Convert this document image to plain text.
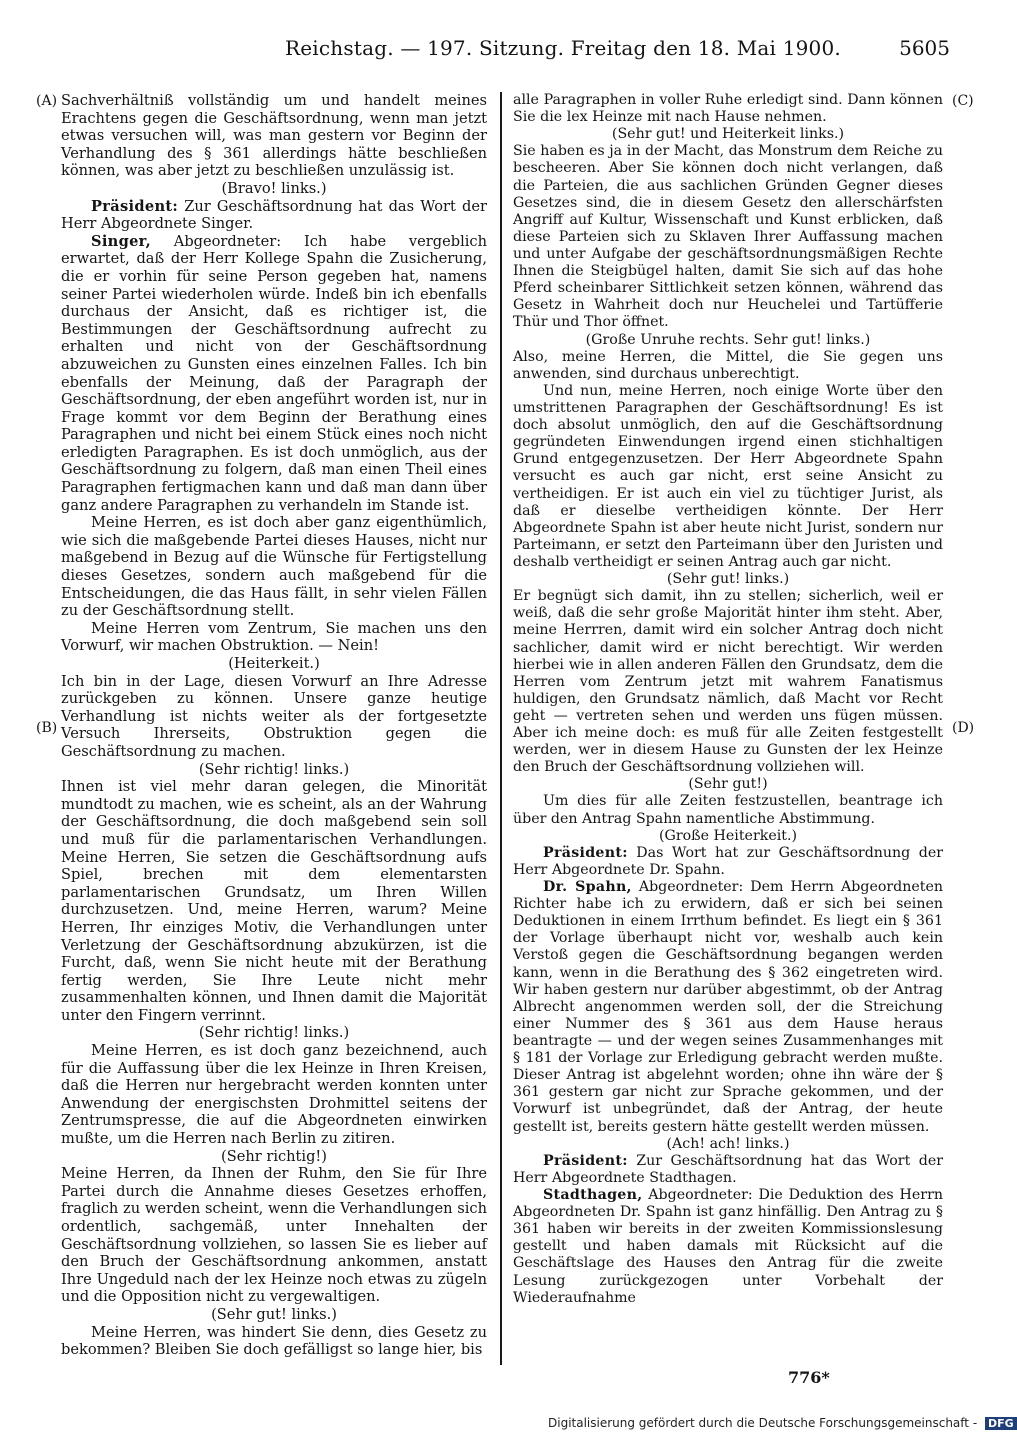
Reichstag. — 197. Sitzung. Freitag den 18. Mai 1900.	5605

Sachverhältniß vollständig um und handelt meines Erachtens gegen die Geschäftsordnung, wenn man jetzt etwas versuchen will, was man gestern vor Beginn der Verhandlung des § 361 allerdings hätte beschließen können, was aber jetzt zu beschließen unzulässig ist.

(Bravo! links.)

Präsident: Zur Geschäftsordnung hat das Wort der Herr Abgeordnete Singer.

Singer, Abgeordneter: Ich habe vergeblich erwartet, daß der Herr Kollege Spahn die Zusicherung, die er vorhin für seine Person gegeben hat, namens seiner Partei wiederholen würde. Indeß bin ich ebenfalls durchaus der Ansicht, daß es richtiger ist, die Bestimmungen der Geschäftsordnung aufrecht zu erhalten und nicht von der Geschäftsordnung abzuweichen zu Gunsten eines einzelnen Falles. Ich bin ebenfalls der Meinung, daß der Paragraph der Geschäftsordnung, der eben angeführt worden ist, nur in Frage kommt vor dem Beginn der Berathung eines Paragraphen und nicht bei einem Stück eines noch nicht erledigten Paragraphen. Es ist doch unmöglich, aus der Geschäftsordnung zu folgern, daß man einen Theil eines Paragraphen fertigmachen kann und daß man dann über ganz andere Paragraphen zu verhandeln im Stande ist.

Meine Herren, es ist doch aber ganz eigenthümlich, wie sich die maßgebende Partei dieses Hauses, nicht nur maßgebend in Bezug auf die Wünsche für Fertigstellung dieses Gesetzes, sondern auch maßgebend für die Entscheidungen, die das Haus fällt, in sehr vielen Fällen zu der Geschäftsordnung stellt.

Meine Herren vom Zentrum, Sie machen uns den Vorwurf, wir machen Obstruktion. — Nein!

(Heiterkeit.)

Ich bin in der Lage, diesen Vorwurf an Ihre Adresse zurückgeben zu können. Unsere ganze heutige Verhandlung ist nichts weiter als der fortgesetzte Versuch Ihrerseits, Obstruktion gegen die Geschäftsordnung zu machen.

(Sehr richtig! links.)

Ihnen ist viel mehr daran gelegen, die Minorität mundtodt zu machen, wie es scheint, als an der Wahrung der Geschäftsordnung, die doch maßgebend sein soll und muß für die parlamentarischen Verhandlungen. Meine Herren, Sie setzen die Geschäftsordnung aufs Spiel, brechen mit dem elementarsten parlamentarischen Grundsatz, um Ihren Willen durchzusetzen. Und, meine Herren, warum? Meine Herren, Ihr einziges Motiv, die Verhandlungen unter Verletzung der Geschäftsordnung abzukürzen, ist die Furcht, daß, wenn Sie nicht heute mit der Berathung fertig werden, Sie Ihre Leute nicht mehr zusammenhalten können, und Ihnen damit die Majorität unter den Fingern verrinnt.

(Sehr richtig! links.)

Meine Herren, es ist doch ganz bezeichnend, auch für die Auffassung über die lex Heinze in Ihren Kreisen, daß die Herren nur hergebracht werden konnten unter Anwendung der energischsten Drohmittel seitens der Zentrumspresse, die auf die Abgeordneten einwirken mußte, um die Herren nach Berlin zu zitiren.

(Sehr richtig!)

Meine Herren, da Ihnen der Ruhm, den Sie für Ihre Partei durch die Annahme dieses Gesetzes erhoffen, fraglich zu werden scheint, wenn die Verhandlungen sich ordentlich, sachgemäß, unter Innehalten der Geschäftsordnung vollziehen, so lassen Sie es lieber auf den Bruch der Geschäftsordnung ankommen, anstatt Ihre Ungeduld nach der lex Heinze noch etwas zu zügeln und die Opposition nicht zu vergewaltigen.

(Sehr gut! links.)

Meine Herren, was hindert Sie denn, dies Gesetz zu bekommen? Bleiben Sie doch gefälligst so lange hier, bis

alle Paragraphen in voller Ruhe erledigt sind. Dann können Sie die lex Heinze mit nach Hause nehmen.

(Sehr gut! und Heiterkeit links.)

Sie haben es ja in der Macht, das Monstrum dem Reiche zu bescheeren. Aber Sie können doch nicht verlangen, daß die Parteien, die aus sachlichen Gründen Gegner dieses Gesetzes sind, die in diesem Gesetz den allerschärfsten Angriff auf Kultur, Wissenschaft und Kunst erblicken, daß diese Parteien sich zu Sklaven Ihrer Auffassung machen und unter Aufgabe der geschäftsordnungsmäßigen Rechte Ihnen die Steigbügel halten, damit Sie sich auf das hohe Pferd scheinbarer Sittlichkeit setzen können, während das Gesetz in Wahrheit doch nur Heuchelei und Tartüfferie Thür und Thor öffnet.

(Große Unruhe rechts. Sehr gut! links.)

Also, meine Herren, die Mittel, die Sie gegen uns anwenden, sind durchaus unberechtigt.

Und nun, meine Herren, noch einige Worte über den umstrittenen Paragraphen der Geschäftsordnung! Es ist doch absolut unmöglich, den auf die Geschäftsordnung gegründeten Einwendungen irgend einen stichhaltigen Grund entgegenzusetzen. Der Herr Abgeordnete Spahn versucht es auch gar nicht, erst seine Ansicht zu vertheidigen. Er ist auch ein viel zu tüchtiger Jurist, als daß er dieselbe vertheidigen könnte. Der Herr Abgeordnete Spahn ist aber heute nicht Jurist, sondern nur Parteimann, er setzt den Parteimann über den Juristen und deshalb vertheidigt er seinen Antrag auch gar nicht.

(Sehr gut! links.)

Er begnügt sich damit, ihn zu stellen; sicherlich, weil er weiß, daß die sehr große Majorität hinter ihm steht. Aber, meine Herrren, damit wird ein solcher Antrag doch nicht sachlicher, damit wird er nicht berechtigt. Wir werden hierbei wie in allen anderen Fällen den Grundsatz, dem die Herren vom Zentrum jetzt mit wahrem Fanatismus huldigen, den Grundsatz nämlich, daß Macht vor Recht geht — vertreten sehen und werden uns fügen müssen. Aber ich meine doch: es muß für alle Zeiten festgestellt werden, wer in diesem Hause zu Gunsten der lex Heinze den Bruch der Geschäftsordnung vollziehen will.

(Sehr gut!)

Um dies für alle Zeiten festzustellen, beantrage ich über den Antrag Spahn namentliche Abstimmung.

(Große Heiterkeit.)

Präsident: Das Wort hat zur Geschäftsordnung der Herr Abgeordnete Dr. Spahn.

Dr. Spahn, Abgeordneter: Dem Herrn Abgeordneten Richter habe ich zu erwidern, daß er sich bei seinen Deduktionen in einem Irrthum befindet. Es liegt ein § 361 der Vorlage überhaupt nicht vor, weshalb auch kein Verstoß gegen die Geschäftsordnung begangen werden kann, wenn in die Berathung des § 362 eingetreten wird. Wir haben gestern nur darüber abgestimmt, ob der Antrag Albrecht angenommen werden soll, der die Streichung einer Nummer des § 361 aus dem Hause heraus beantragte — und der wegen seines Zusammenhanges mit § 181 der Vorlage zur Erledigung gebracht werden mußte. Dieser Antrag ist abgelehnt worden; ohne ihn wäre der § 361 gestern gar nicht zur Sprache gekommen, und der Vorwurf ist unbegründet, daß der Antrag, der heute gestellt ist, bereits gestern hätte gestellt werden müssen.

(Ach! ach! links.)

Präsident: Zur Geschäftsordnung hat das Wort der Herr Abgeordnete Stadthagen.

Stadthagen, Abgeordneter: Die Deduktion des Herrn Abgeordneten Dr. Spahn ist ganz hinfällig. Den Antrag zu § 361 haben wir bereits in der zweiten Kommissionslesung gestellt und haben damals mit Rücksicht auf die Geschäftslage des Hauses den Antrag für die zweite Lesung zurückgezogen unter Vorbehalt der Wiederaufnahme

(A)
(B)
(C)
(D)
776*
Digitalisierung gefördert durch die Deutsche Forschungsgemeinschaft - DFG
